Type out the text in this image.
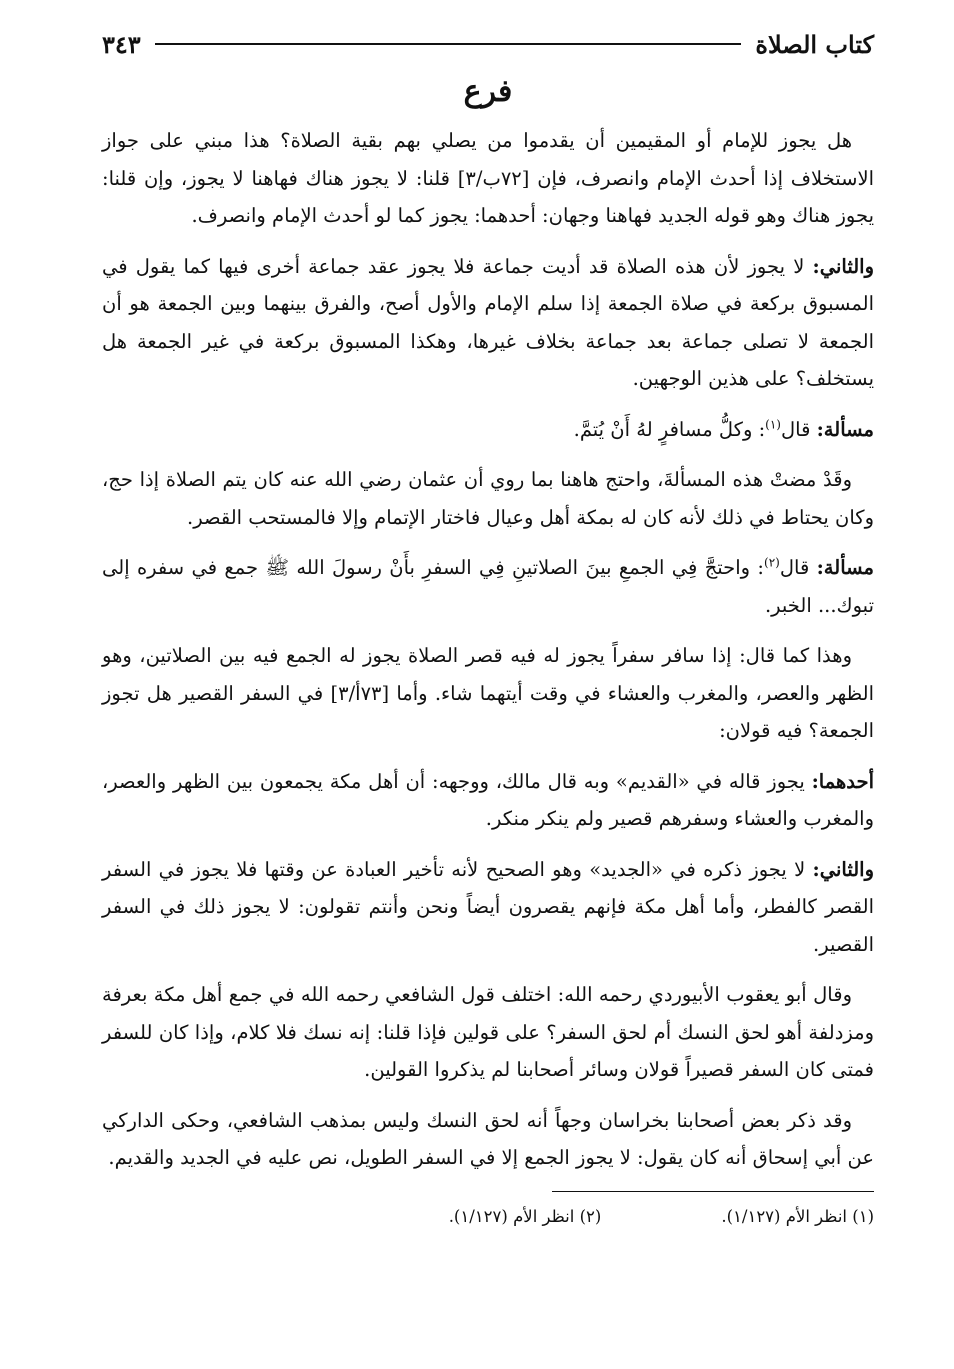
كتاب الصلاة
٣٤٣
فرع

هل يجوز للإمام أو المقيمين أن يقدموا من يصلي بهم بقية الصلاة؟ هذا مبني على جواز الاستخلاف إذا أحدث الإمام وانصرف، فإن [٧٢ب/٣] قلنا: لا يجوز هناك فهاهنا لا يجوز، وإن قلنا: يجوز هناك وهو قوله الجديد فهاهنا وجهان: أحدهما: يجوز كما لو أحدث الإمام وانصرف.

والثاني: لا يجوز لأن هذه الصلاة قد أديت جماعة فلا يجوز عقد جماعة أخرى فيها كما يقول في المسبوق بركعة في صلاة الجمعة إذا سلم الإمام والأول أصح، والفرق بينهما وبين الجمعة هو أن الجمعة لا تصلى جماعة بعد جماعة بخلاف غيرها، وهكذا المسبوق بركعة في غير الجمعة هل يستخلف؟ على هذين الوجهين.

مسألة: قال$^{(١)}$: وكلُّ مسافرٍ لهُ أَنْ يُتمَّ.

وقَدْ مضتْ هذه المسألةَ، واحتج هاهنا بما روي أن عثمان رضي الله عنه كان يتم الصلاة إذا حج، وكان يحتاط في ذلك لأنه كان له بمكة أهل وعيال فاختار الإتمام وإلا فالمستحب القصر.

مسألة: قال$^{(٢)}$: واحتجَّ فِي الجمعِ بينَ الصلاتينِ فِي السفرِ بأَنْ رسولَ الله ﷺ جمع في سفره إلى تبوك... الخبر.

وهذا كما قال: إذا سافر سفراً يجوز له فيه قصر الصلاة يجوز له الجمع فيه بين الصلاتين، وهو الظهر والعصر، والمغرب والعشاء في وقت أيتهما شاء. وأما [٧٣أ/٣] في السفر القصير هل تجوز الجمعة؟ فيه قولان:

أحدهما: يجوز قاله في «القديم» وبه قال مالك، ووجهه: أن أهل مكة يجمعون بين الظهر والعصر، والمغرب والعشاء وسفرهم قصير ولم ينكر منكر.

والثاني: لا يجوز ذكره في «الجديد» وهو الصحيح لأنه تأخير العبادة عن وقتها فلا يجوز في السفر القصر كالفطر، وأما أهل مكة فإنهم يقصرون أيضاً ونحن وأنتم تقولون: لا يجوز ذلك في السفر القصير.

وقال أبو يعقوب الأبيوردي رحمه الله: اختلف قول الشافعي رحمه الله في جمع أهل مكة بعرفة ومزدلفة أهو لحق النسك أم لحق السفر؟ على قولين فإذا قلنا: إنه نسك فلا كلام، وإذا كان للسفر فمتى كان السفر قصيراً قولان وسائر أصحابنا لم يذكروا القولين.

وقد ذكر بعض أصحابنا بخراسان وجهاً أنه لحق النسك وليس بمذهب الشافعي، وحكى الداركي عن أبي إسحاق أنه كان يقول: لا يجوز الجمع إلا في السفر الطويل، نص عليه في الجديد والقديم.

(١) انظر الأم (١/١٢٧).
(٢) انظر الأم (١/١٢٧).
